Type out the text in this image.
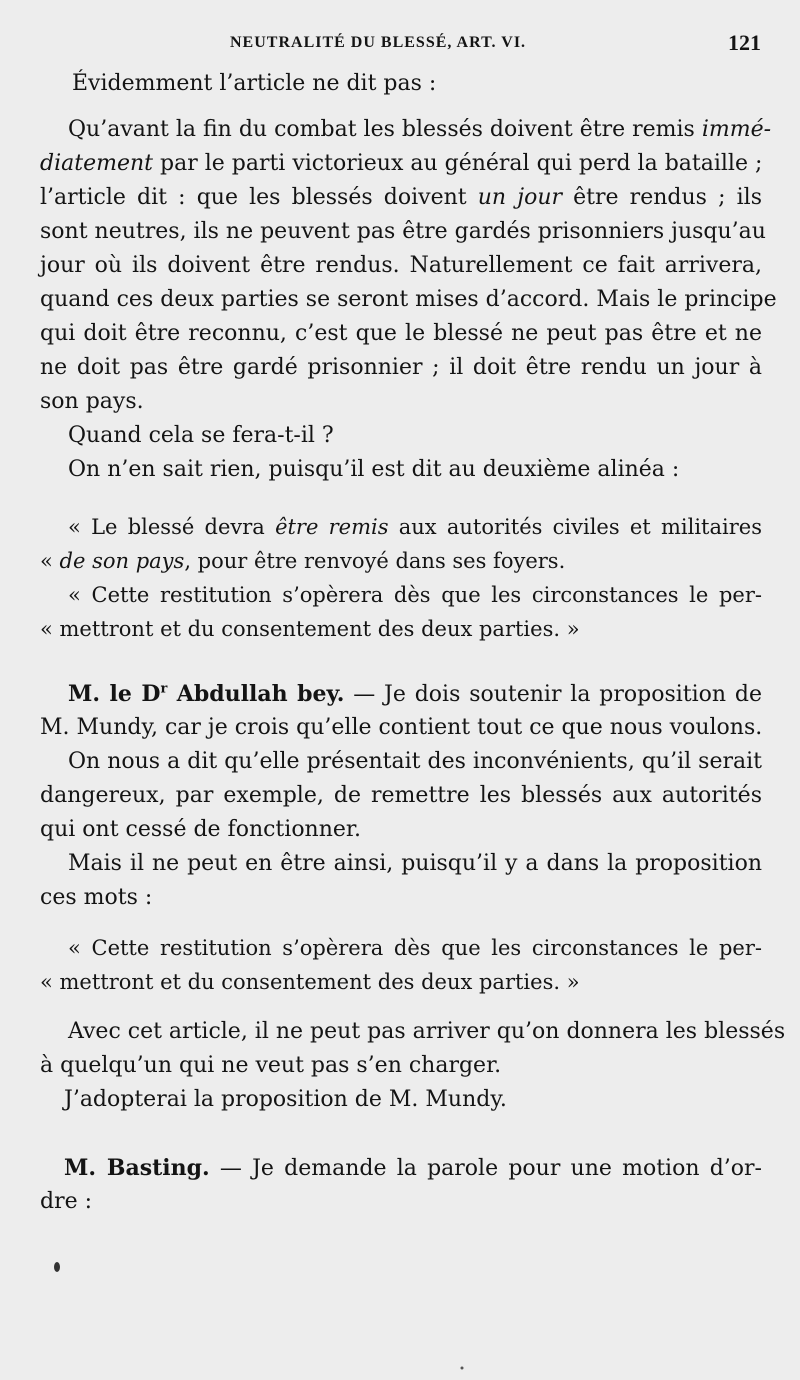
NEUTRALITÉ DU BLESSÉ, ART. VI.	121
Évidemment l’article ne dit pas :
Qu’avant la fin du combat les blessés doivent être remis immé-
diatement par le parti victorieux au général qui perd la bataille ;
l’article dit : que les blessés doivent un jour être rendus ; ils
sont neutres, ils ne peuvent pas être gardés prisonniers jusqu’au
jour où ils doivent être rendus. Naturellement ce fait arrivera,
quand ces deux parties se seront mises d’accord. Mais le principe
qui doit être reconnu, c’est que le blessé ne peut pas être et ne
ne doit pas être gardé prisonnier ; il doit être rendu un jour à
son pays.
Quand cela se fera-t-il ?
On n’en sait rien, puisqu’il est dit au deuxième alinéa :
« Le blessé devra être remis aux autorités civiles et militaires
« de son pays, pour être renvoyé dans ses foyers.
« Cette restitution s’opèrera dès que les circonstances le per-
« mettront et du consentement des deux parties. »
M. le $D^r$ Abdullah bey. — Je dois soutenir la proposition de
M. Mundy, car je crois qu’elle contient tout ce que nous voulons.
On nous a dit qu’elle présentait des inconvénients, qu’il serait
dangereux, par exemple, de remettre les blessés aux autorités
qui ont cessé de fonctionner.
Mais il ne peut en être ainsi, puisqu’il y a dans la proposition
ces mots :
« Cette restitution s’opèrera dès que les circonstances le per-
« mettront et du consentement des deux parties. »
Avec cet article, il ne peut pas arriver qu’on donnera les blessés
à quelqu’un qui ne veut pas s’en charger.
J’adopterai la proposition de M. Mundy.
M. Basting. — Je demande la parole pour une motion d’or-
dre :
